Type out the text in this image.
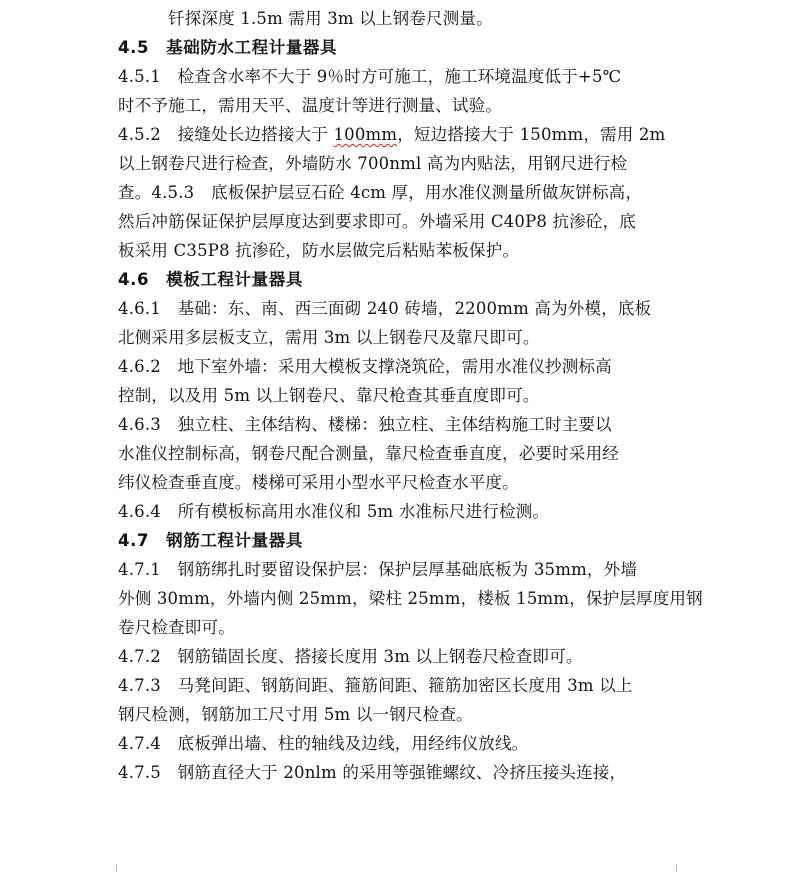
钎探深度 1.5m 需用 3m 以上钢卷尺测量。
4.5　基础防水工程计量器具
4.5.1　检查含水率不大于 9％时方可施工，施工环境温度低于+5℃
时不予施工，需用天平、温度计等进行测量、试验。
4.5.2　接缝处长边搭接大于 100mm，短边搭接大于 150mm，需用 2m
以上钢卷尺进行检查，外墙防水 700nml 高为内贴法，用钢尺进行检
查。4.5.3　底板保护层豆石砼 4cm 厚，用水准仪测量所做灰饼标高，
然后冲筋保证保护层厚度达到要求即可。外墙采用 C40P8 抗渗砼，底
板采用 C35P8 抗渗砼，防水层做完后粘贴苯板保护。
4.6　模板工程计量器具
4.6.1　基础：东、南、西三面砌 240 砖墙，2200mm 高为外模，底板
北侧采用多层板支立，需用 3m 以上钢卷尺及靠尺即可。
4.6.2　地下室外墙：采用大模板支撑浇筑砼，需用水准仪抄测标高
控制，以及用 5m 以上钢卷尺、靠尺枪查其垂直度即可。
4.6.3　独立柱、主体结构、楼梯：独立柱、主体结构施工时主要以
水准仪控制标高，钢卷尺配合测量，靠尺检查垂直度，必要时采用经
纬仪检查垂直度。楼梯可采用小型水平尺检查水平度。
4.6.4　所有模板标高用水准仪和 5m 水准标尺进行检测。
4.7　钢筋工程计量器具
4.7.1　钢筋绑扎时要留设保护层：保护层厚基础底板为 35mm，外墙
外侧 30mm，外墙内侧 25mm，梁柱 25mm，楼板 15mm，保护层厚度用钢
卷尺检查即可。
4.7.2　钢筋锚固长度、搭接长度用 3m 以上钢卷尺检查即可。
4.7.3　马凳间距、钢筋间距、箍筋间距、箍筋加密区长度用 3m 以上
钢尺检测，钢筋加工尺寸用 5m 以一钢尺检查。
4.7.4　底板弹出墙、柱的轴线及边线，用经纬仪放线。
4.7.5　钢筋直径大于 20nlm 的采用等强锥螺纹、冷挤压接头连接，
